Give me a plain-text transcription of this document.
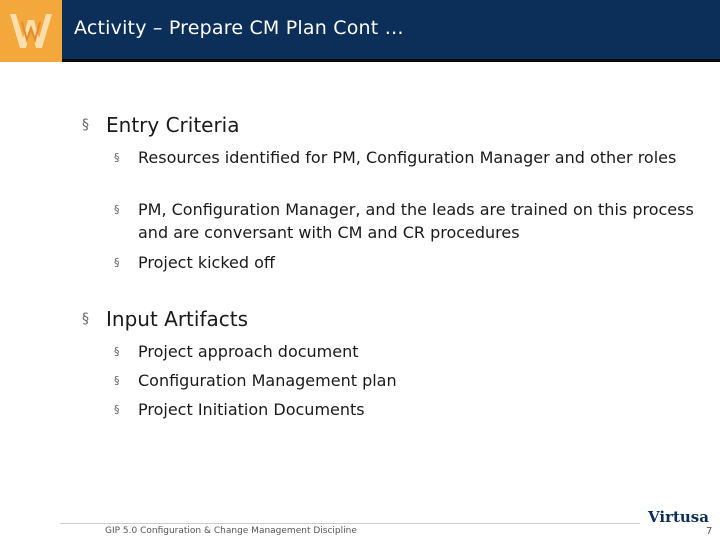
Activity – Prepare CM Plan Cont …
§ Entry Criteria
§ Resources identified for PM, Configuration Manager and other roles
§ PM, Configuration Manager, and the leads are trained on this process and are conversant with CM and CR procedures
§ Project kicked off
§ Input Artifacts
§ Project approach document
§ Configuration Management plan
§ Project Initiation Documents
GIP 5.0 Configuration & Change Management Discipline
Virtusa
7
